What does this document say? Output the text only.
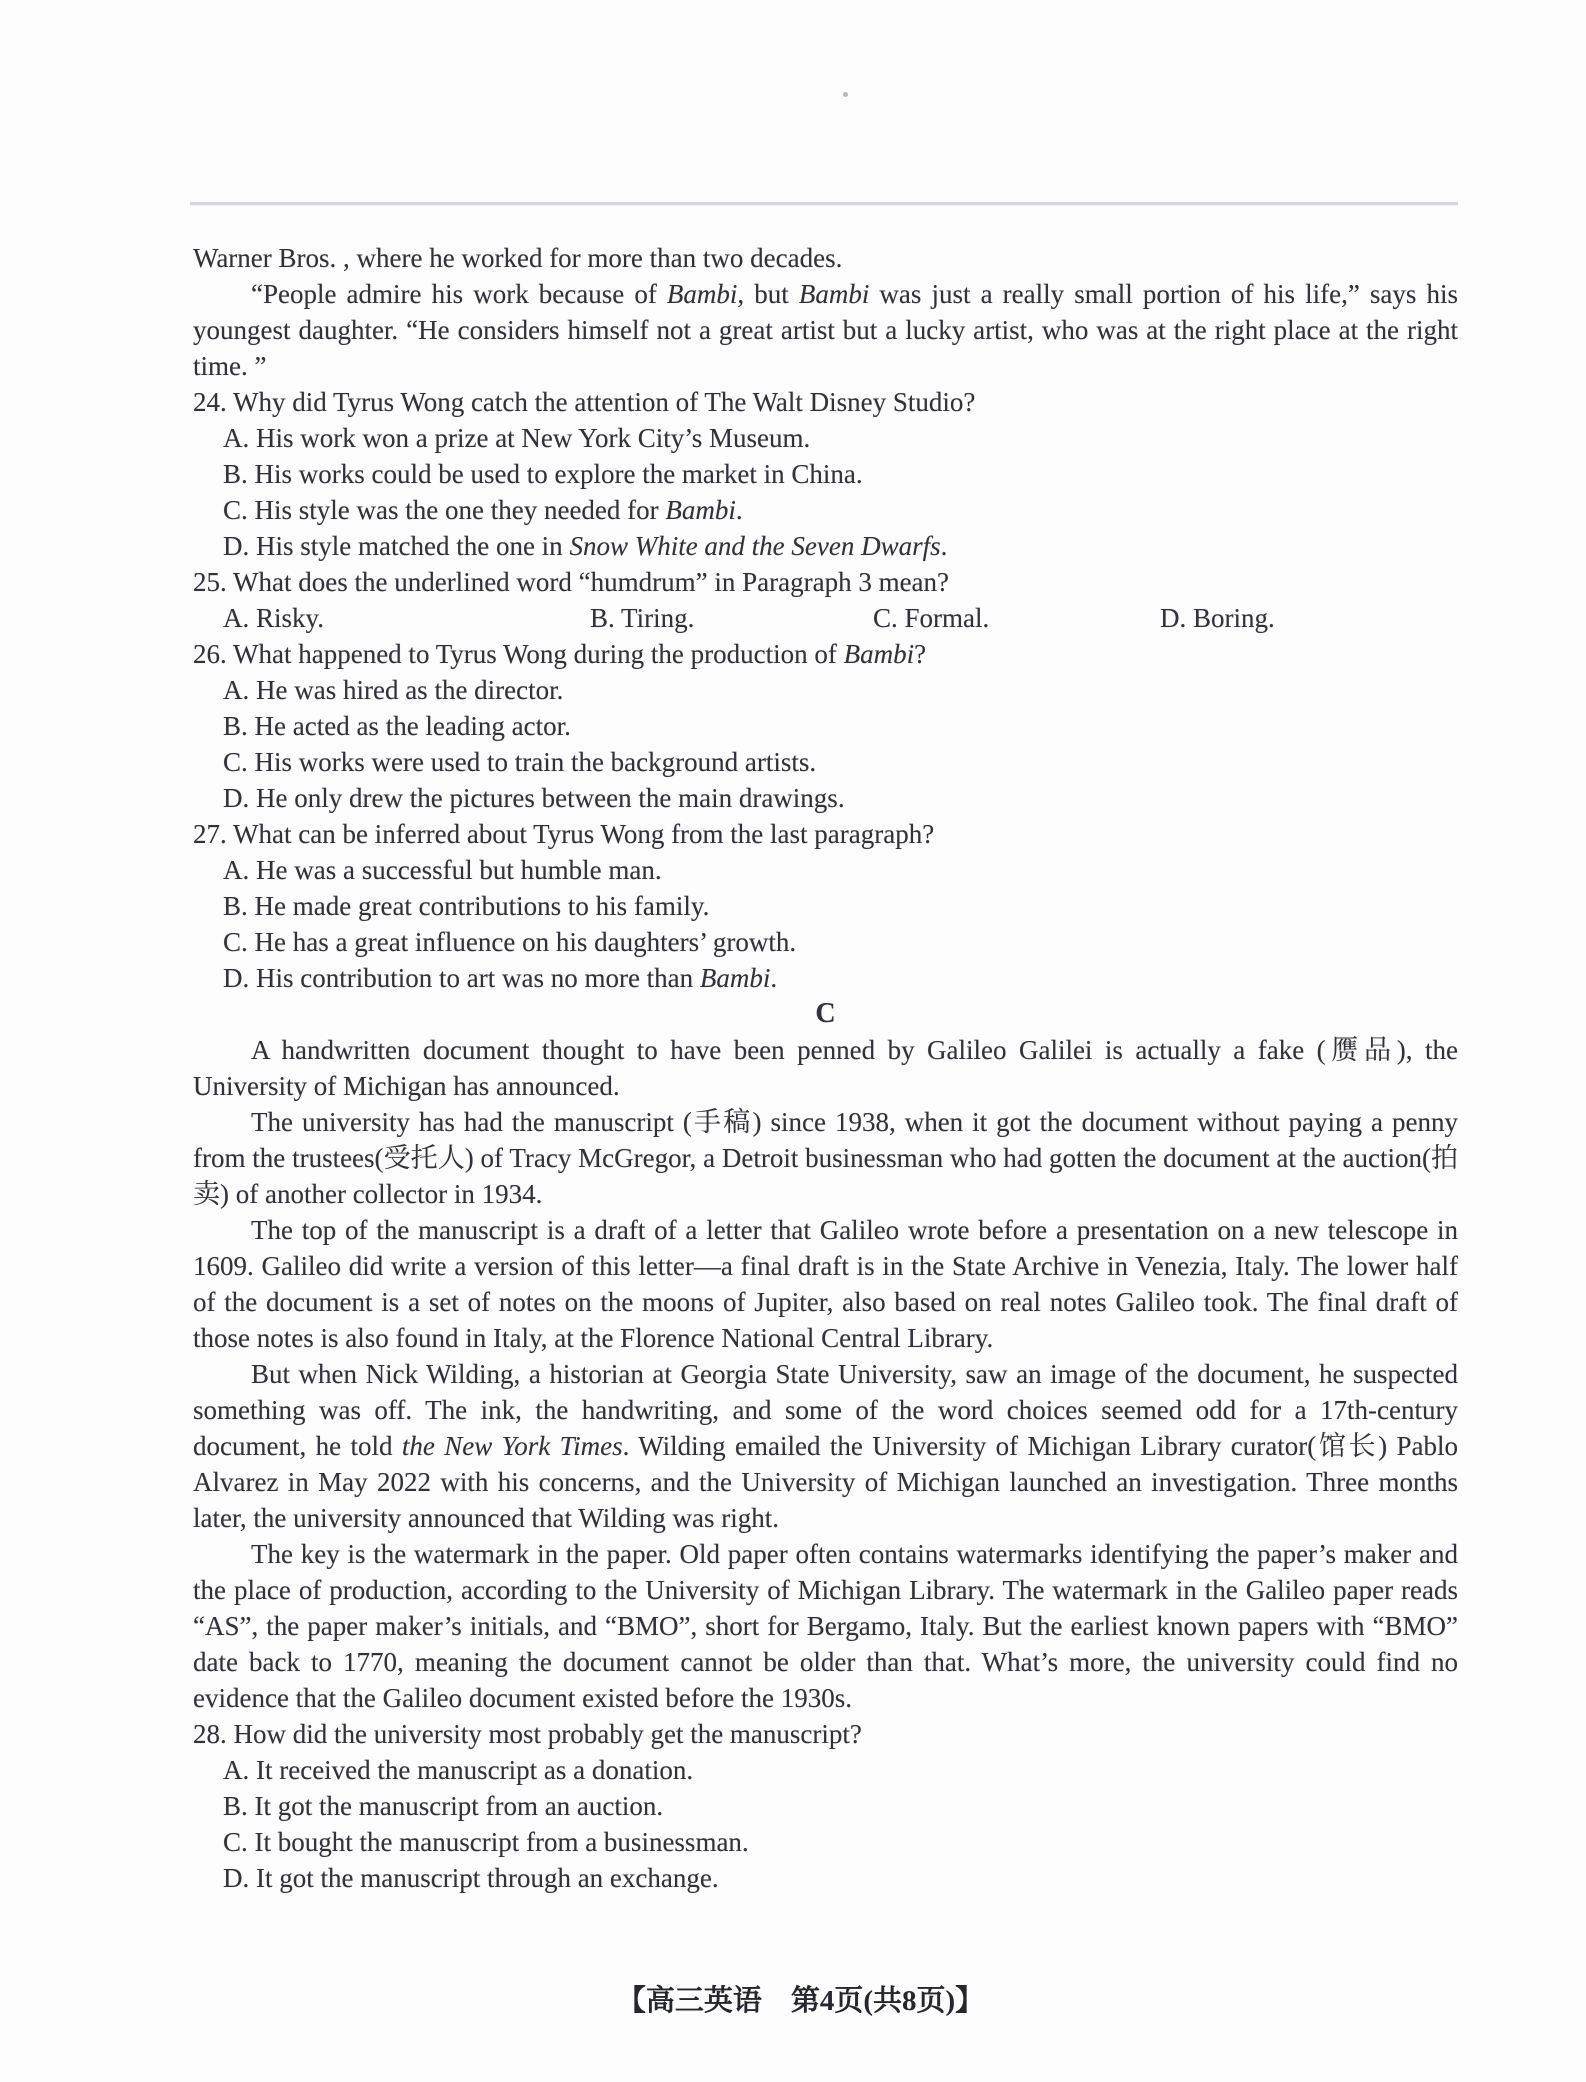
Warner Bros. , where he worked for more than two decades.
“People admire his work because of Bambi, but Bambi was just a really small portion of his life,” says his youngest daughter. “He considers himself not a great artist but a lucky artist, who was at the right place at the right time. ”
24. Why did Tyrus Wong catch the attention of The Walt Disney Studio?
A. His work won a prize at New York City’s Museum.
B. His works could be used to explore the market in China.
C. His style was the one they needed for Bambi.
D. His style matched the one in Snow White and the Seven Dwarfs.
25. What does the underlined word “humdrum” in Paragraph 3 mean?
A. Risky.	B. Tiring.	C. Formal.	D. Boring.
26. What happened to Tyrus Wong during the production of Bambi?
A. He was hired as the director.
B. He acted as the leading actor.
C. His works were used to train the background artists.
D. He only drew the pictures between the main drawings.
27. What can be inferred about Tyrus Wong from the last paragraph?
A. He was a successful but humble man.
B. He made great contributions to his family.
C. He has a great influence on his daughters’ growth.
D. His contribution to art was no more than Bambi.
C
A handwritten document thought to have been penned by Galileo Galilei is actually a fake (赝品), the University of Michigan has announced.
The university has had the manuscript (手稿) since 1938, when it got the document without paying a penny from the trustees(受托人) of Tracy McGregor, a Detroit businessman who had gotten the document at the auction(拍卖) of another collector in 1934.
The top of the manuscript is a draft of a letter that Galileo wrote before a presentation on a new telescope in 1609. Galileo did write a version of this letter—a final draft is in the State Archive in Venezia, Italy. The lower half of the document is a set of notes on the moons of Jupiter, also based on real notes Galileo took. The final draft of those notes is also found in Italy, at the Florence National Central Library.
But when Nick Wilding, a historian at Georgia State University, saw an image of the document, he suspected something was off. The ink, the handwriting, and some of the word choices seemed odd for a 17th-century document, he told the New York Times. Wilding emailed the University of Michigan Library curator(馆长) Pablo Alvarez in May 2022 with his concerns, and the University of Michigan launched an investigation. Three months later, the university announced that Wilding was right.
The key is the watermark in the paper. Old paper often contains watermarks identifying the paper’s maker and the place of production, according to the University of Michigan Library. The watermark in the Galileo paper reads “AS”, the paper maker’s initials, and “BMO”, short for Bergamo, Italy. But the earliest known papers with “BMO” date back to 1770, meaning the document cannot be older than that. What’s more, the university could find no evidence that the Galileo document existed before the 1930s.
28. How did the university most probably get the manuscript?
A. It received the manuscript as a donation.
B. It got the manuscript from an auction.
C. It bought the manuscript from a businessman.
D. It got the manuscript through an exchange.
【高三英语　第4页(共8页)】
